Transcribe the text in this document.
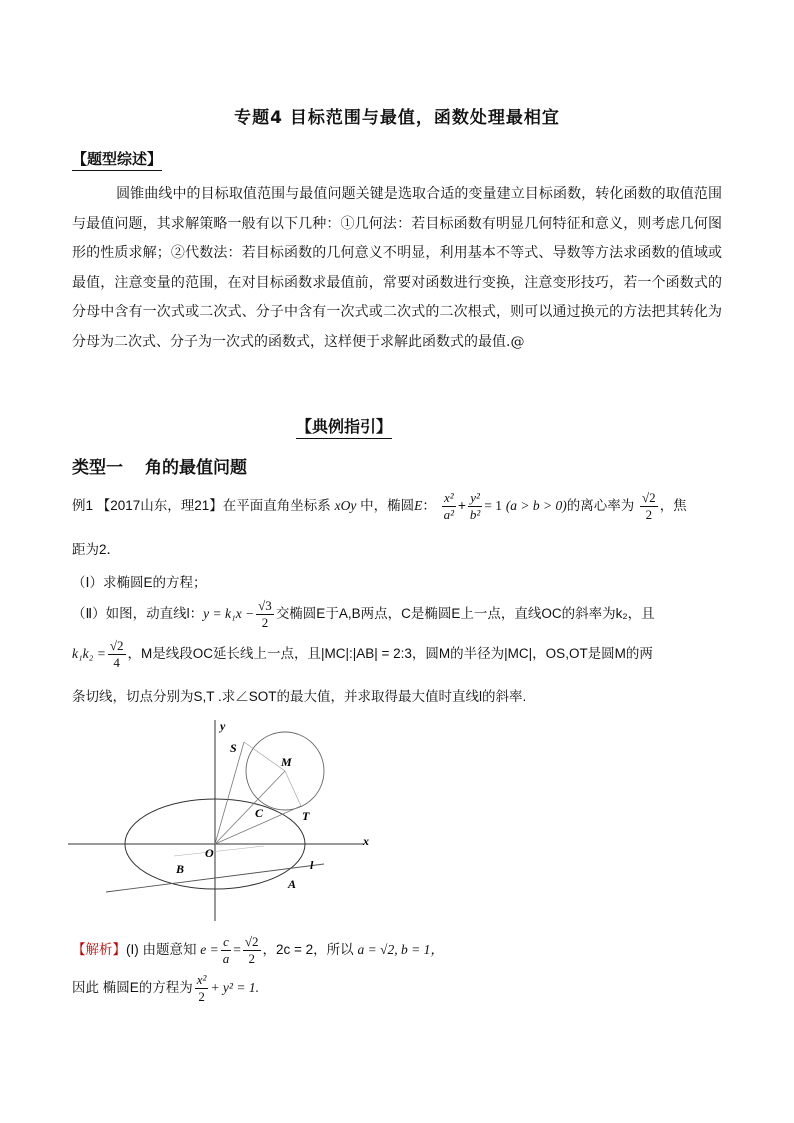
专题4 目标范围与最值，函数处理最相宜
【题型综述】
圆锥曲线中的目标取值范围与最值问题关键是选取合适的变量建立目标函数，转化函数的取值范围与最值问题，其求解策略一般有以下几种：①几何法：若目标函数有明显几何特征和意义，则考虑几何图形的性质求解；②代数法：若目标函数的几何意义不明显，利用基本不等式、导数等方法求函数的值域或最值，注意变量的范围，在对目标函数求最值前，常要对函数进行变换，注意变形技巧，若一个函数式的分母中含有一次式或二次式、分子中含有一次式或二次式的二次根式，则可以通过换元的方法把其转化为分母为二次式、分子为一次式的函数式，这样便于求解此函数式的最值.@
【典例指引】
类型一 角的最值问题
例1 【2017山东，理21】在平面直角坐标系 xOy 中，椭圆E： $\frac{\text{x²}}{\text{a²}} + \frac{\text{y²}}{\text{b²}} = 1$ (a > b > 0)的离心率为 $\frac{√2}{2}$ ，焦
距为2．
（Ⅰ）求椭圆E的方程；
（Ⅱ）如图，动直线l：$y = k_1x - \frac{√3}{2}$ 交椭圆E于A,B两点，C是椭圆E上一点，直线OC的斜率为k₂，且
$k_1k_2 = \frac{√2}{4}$ ，M是线段OC延长线上一点，且|MC|:|AB| = 2:3，圆M的半径为|MC|，OS,OT是圆M的两
条切线，切点分别为S,T .求∠SOT的最大值，并求取得最大值时直线l的斜率.
y
x
O
S
M
C	T
A
B	l
【解析】(I) 由题意知 $e = \frac{c}{a} = \frac{√2}{2}$ ，2c = 2，所以 a = √2, b = 1，
因此 椭圆E的方程为 $\frac{\text{x²}}{2} + y^2 = 1$.
